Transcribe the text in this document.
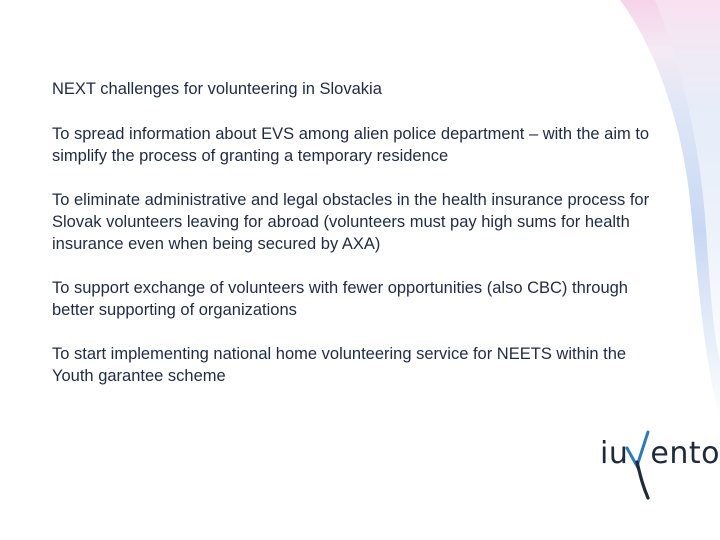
NEXT challenges for volunteering in Slovakia

To spread information about EVS among alien police department – with the aim to simplify the process of granting a temporary residence

To eliminate administrative and legal obstacles in the health insurance process for Slovak volunteers leaving for abroad (volunteers must pay high sums for health insurance even when being secured by AXA)

To support exchange of volunteers with fewer opportunities (also CBC) through better supporting of organizations

To start implementing national home volunteering service for NEETS within the Youth garantee scheme

iu ento
